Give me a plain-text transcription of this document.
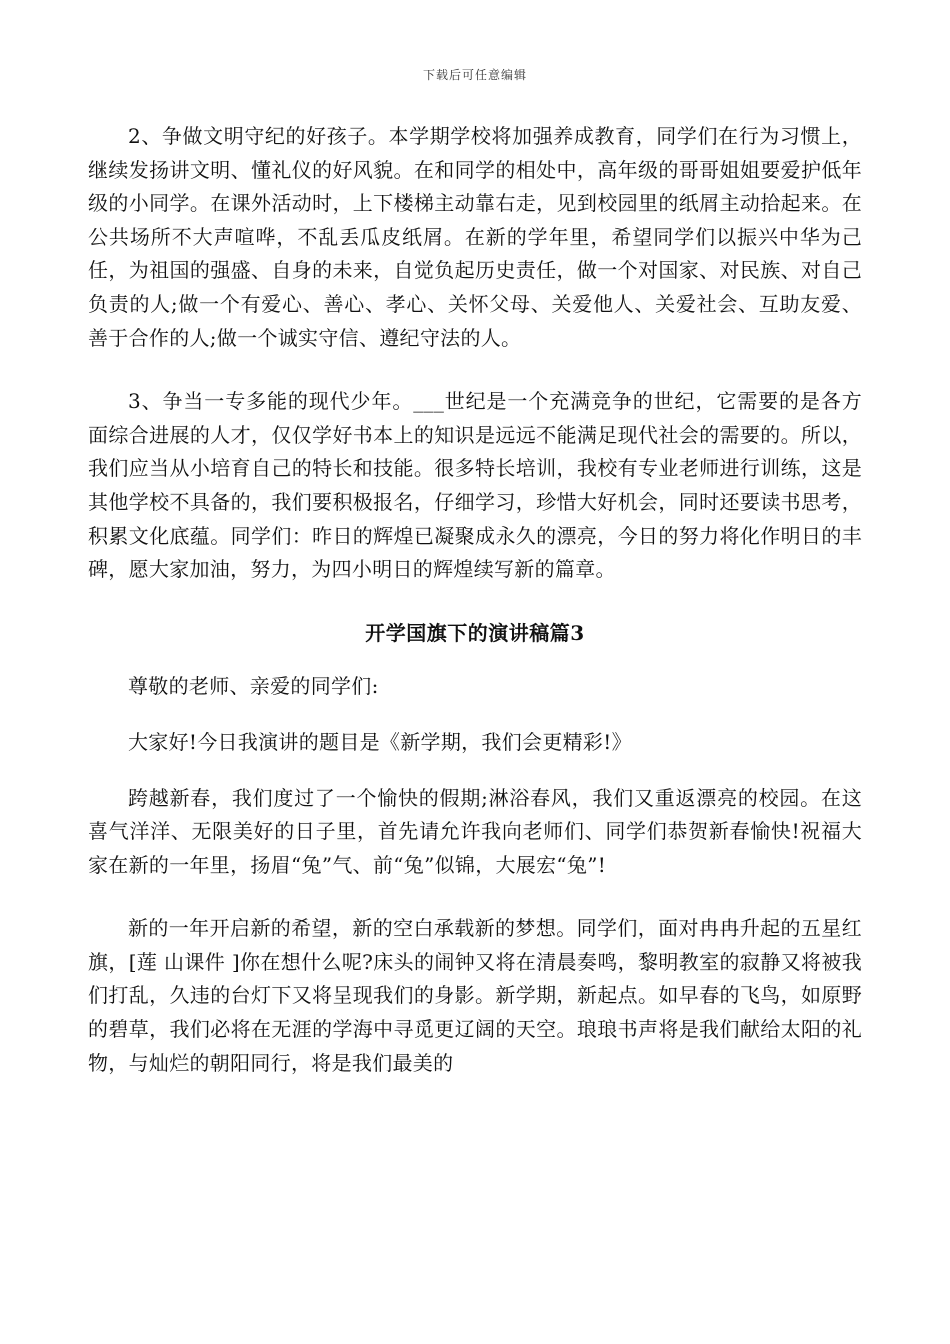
下载后可任意编辑

2、争做文明守纪的好孩子。本学期学校将加强养成教育，同学们在行为习惯上，继续发扬讲文明、懂礼仪的好风貌。在和同学的相处中，高年级的哥哥姐姐要爱护低年级的小同学。在课外活动时，上下楼梯主动靠右走，见到校园里的纸屑主动拾起来。在公共场所不大声喧哗，不乱丢瓜皮纸屑。在新的学年里，希望同学们以振兴中华为己任，为祖国的强盛、自身的未来，自觉负起历史责任，做一个对国家、对民族、对自己负责的人;做一个有爱心、善心、孝心、关怀父母、关爱他人、关爱社会、互助友爱、善于合作的人;做一个诚实守信、遵纪守法的人。

3、争当一专多能的现代少年。___世纪是一个充满竞争的世纪，它需要的是各方面综合进展的人才，仅仅学好书本上的知识是远远不能满足现代社会的需要的。所以，我们应当从小培育自己的特长和技能。很多特长培训，我校有专业老师进行训练，这是其他学校不具备的，我们要积极报名，仔细学习，珍惜大好机会，同时还要读书思考，积累文化底蕴。同学们：昨日的辉煌已凝聚成永久的漂亮，今日的努力将化作明日的丰碑，愿大家加油，努力，为四小明日的辉煌续写新的篇章。

开学国旗下的演讲稿篇3

尊敬的老师、亲爱的同学们:

大家好!今日我演讲的题目是《新学期，我们会更精彩!》

跨越新春，我们度过了一个愉快的假期;淋浴春风，我们又重返漂亮的校园。在这喜气洋洋、无限美好的日子里，首先请允许我向老师们、同学们恭贺新春愉快!祝福大家在新的一年里，扬眉“兔”气、前“兔”似锦，大展宏“兔”!

新的一年开启新的希望，新的空白承载新的梦想。同学们，面对冉冉升起的五星红旗，[莲 山课件 ]你在想什么呢?床头的闹钟又将在清晨奏鸣，黎明教室的寂静又将被我们打乱，久违的台灯下又将呈现我们的身影。新学期，新起点。如早春的飞鸟，如原野的碧草，我们必将在无涯的学海中寻觅更辽阔的天空。琅琅书声将是我们献给太阳的礼物，与灿烂的朝阳同行，将是我们最美的
